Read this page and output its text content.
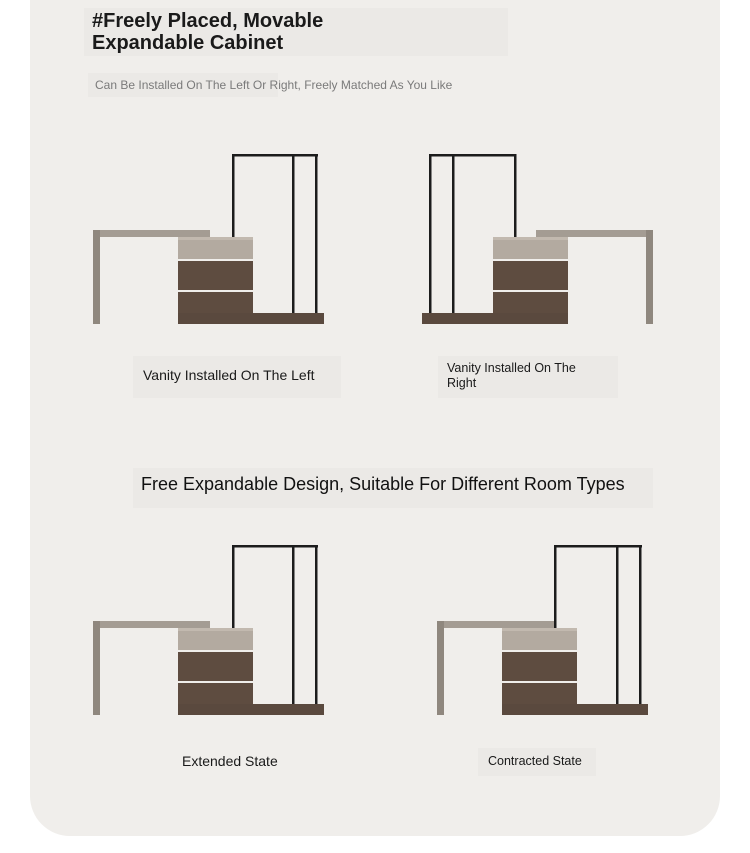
#Freely Placed, Movable Expandable Cabinet
Can Be Installed On The Left Or Right, Freely Matched As You Like
Vanity Installed On The Left	Vanity Installed On The Right
Free Expandable Design, Suitable For Different Room Types
Extended State	Contracted State
